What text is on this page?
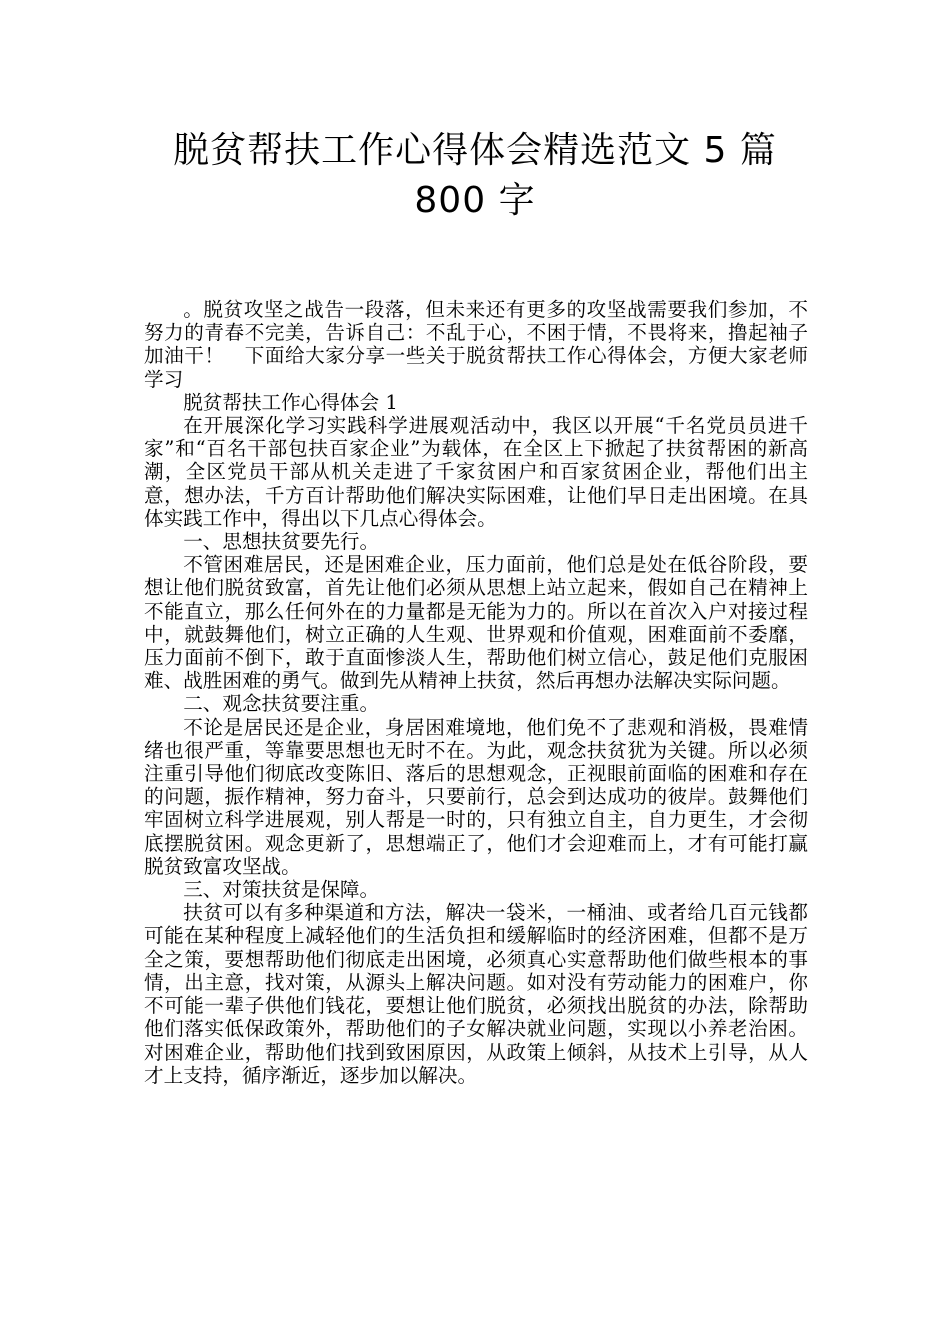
脱贫帮扶工作心得体会精选范文 5 篇
800 字

。脱贫攻坚之战告一段落，但未来还有更多的攻坚战需要我们参加，不努力的青春不完美，告诉自己：不乱于心，不困于情，不畏将来，撸起袖子加油干！　下面给大家分享一些关于脱贫帮扶工作心得体会，方便大家老师学习

脱贫帮扶工作心得体会 1

在开展深化学习实践科学进展观活动中，我区以开展“千名党员员进千家”和“百名干部包扶百家企业”为载体，在全区上下掀起了扶贫帮困的新高潮，全区党员干部从机关走进了千家贫困户和百家贫困企业，帮他们出主意，想办法，千方百计帮助他们解决实际困难，让他们早日走出困境。在具体实践工作中，得出以下几点心得体会。

一、思想扶贫要先行。

不管困难居民，还是困难企业，压力面前，他们总是处在低谷阶段，要想让他们脱贫致富，首先让他们必须从思想上站立起来，假如自己在精神上不能直立，那么任何外在的力量都是无能为力的。所以在首次入户对接过程中，就鼓舞他们，树立正确的人生观、世界观和价值观，困难面前不委靡，压力面前不倒下，敢于直面惨淡人生，帮助他们树立信心，鼓足他们克服困难、战胜困难的勇气。做到先从精神上扶贫，然后再想办法解决实际问题。

二、观念扶贫要注重。

不论是居民还是企业，身居困难境地，他们免不了悲观和消极，畏难情绪也很严重，等靠要思想也无时不在。为此，观念扶贫犹为关键。所以必须注重引导他们彻底改变陈旧、落后的思想观念，正视眼前面临的困难和存在的问题，振作精神，努力奋斗，只要前行，总会到达成功的彼岸。鼓舞他们牢固树立科学进展观，别人帮是一时的，只有独立自主，自力更生，才会彻底摆脱贫困。观念更新了，思想端正了，他们才会迎难而上，才有可能打赢脱贫致富攻坚战。

三、对策扶贫是保障。

扶贫可以有多种渠道和方法，解决一袋米，一桶油、或者给几百元钱都可能在某种程度上减轻他们的生活负担和缓解临时的经济困难，但都不是万全之策，要想帮助他们彻底走出困境，必须真心实意帮助他们做些根本的事情，出主意，找对策，从源头上解决问题。如对没有劳动能力的困难户，你不可能一辈子供他们钱花，要想让他们脱贫，必须找出脱贫的办法，除帮助他们落实低保政策外，帮助他们的子女解决就业问题，实现以小养老治困。对困难企业，帮助他们找到致困原因，从政策上倾斜，从技术上引导，从人才上支持，循序渐近，逐步加以解决。
